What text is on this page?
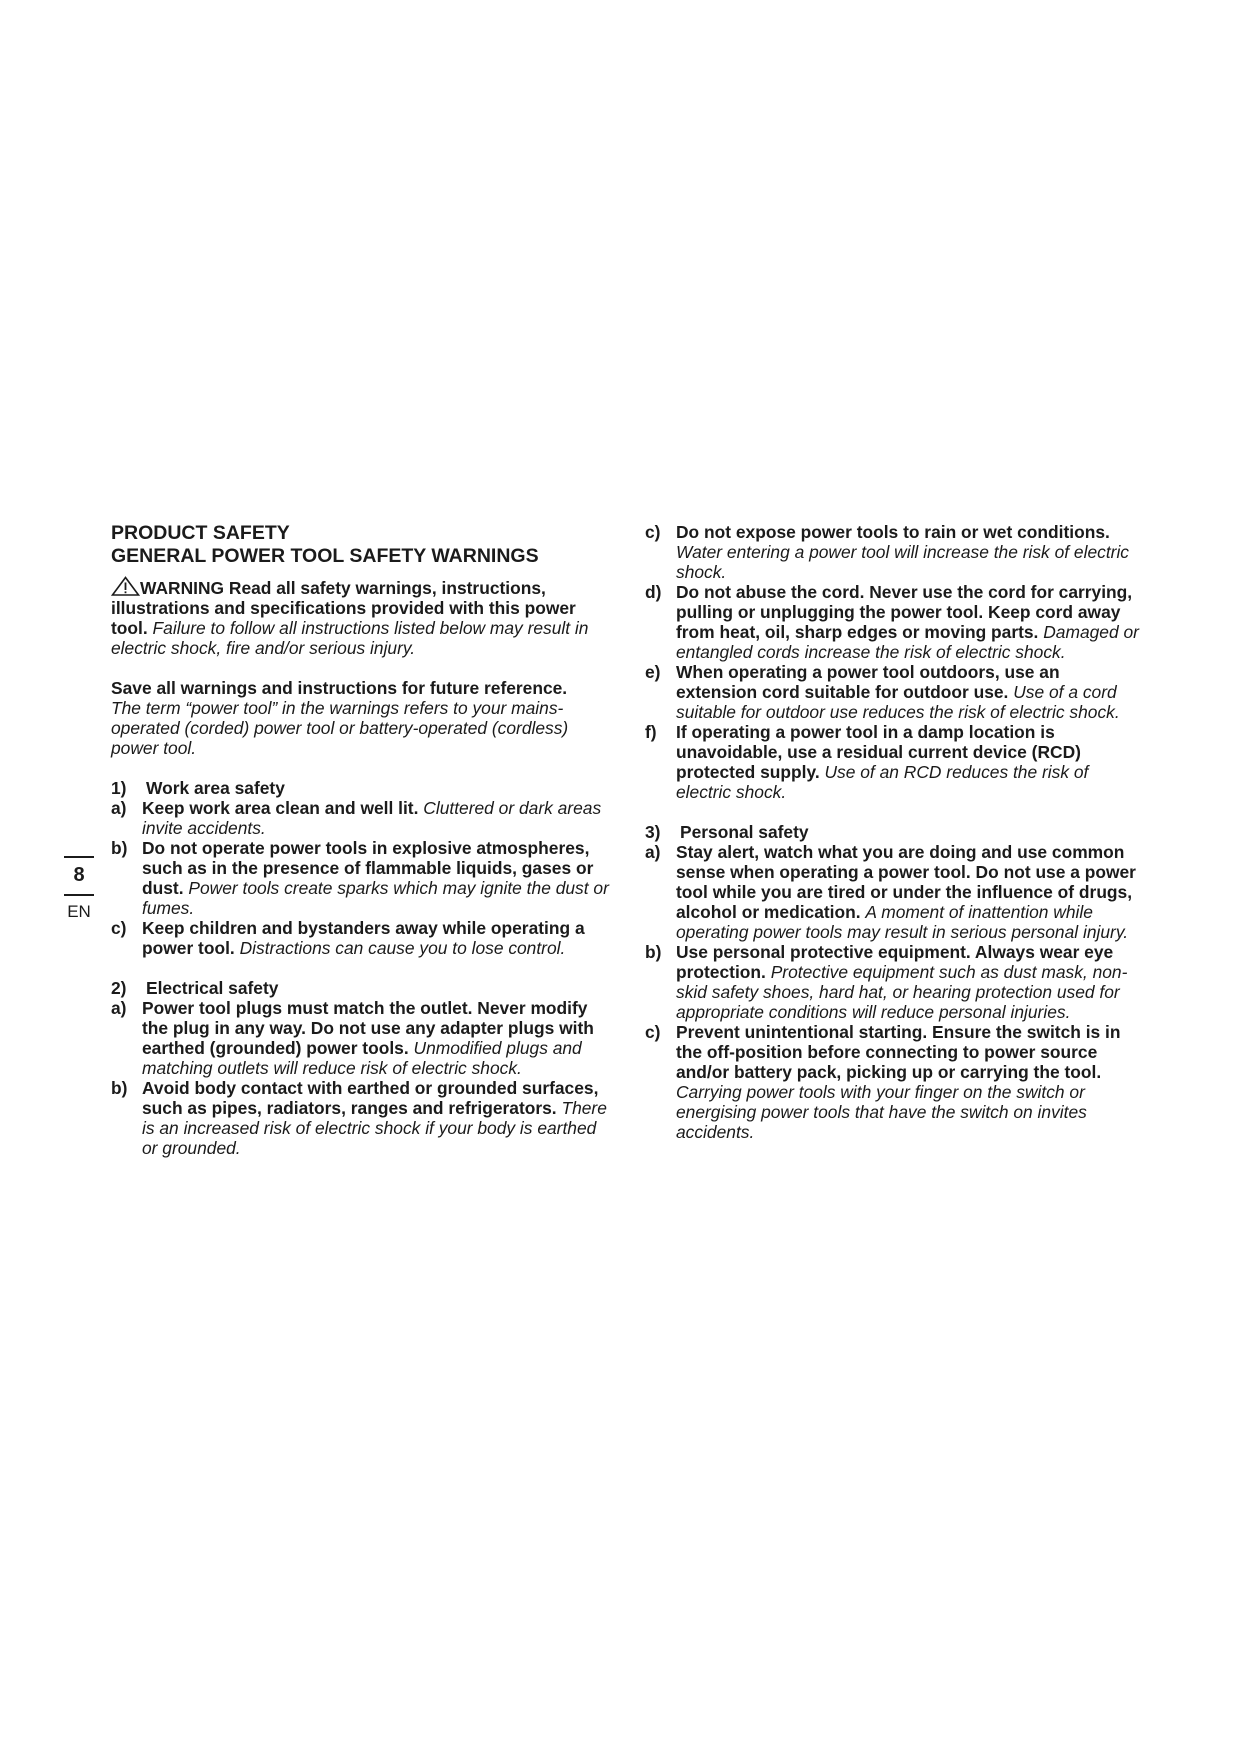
PRODUCT SAFETY

GENERAL POWER TOOL SAFETY WARNINGS

WARNING Read all safety warnings, instructions, illustrations and specifications provided with this power tool. Failure to follow all instructions listed below may result in electric shock, fire and/or serious injury.

Save all warnings and instructions for future reference.
The term “power tool” in the warnings refers to your mains-operated (corded) power tool or battery-operated (cordless) power tool.

1) Work area safety

a) Keep work area clean and well lit. Cluttered or dark areas invite accidents.

b) Do not operate power tools in explosive atmospheres, such as in the presence of flammable liquids, gases or dust. Power tools create sparks which may ignite the dust or fumes.

c) Keep children and bystanders away while operating a power tool. Distractions can cause you to lose control.

2) Electrical safety

a) Power tool plugs must match the outlet. Never modify the plug in any way. Do not use any adapter plugs with earthed (grounded) power tools. Unmodified plugs and matching outlets will reduce risk of electric shock.

b) Avoid body contact with earthed or grounded surfaces, such as pipes, radiators, ranges and refrigerators. There is an increased risk of electric shock if your body is earthed or grounded.

8
EN

c) Do not expose power tools to rain or wet conditions. Water entering a power tool will increase the risk of electric shock.

d) Do not abuse the cord. Never use the cord for carrying, pulling or unplugging the power tool. Keep cord away from heat, oil, sharp edges or moving parts. Damaged or entangled cords increase the risk of electric shock.

e) When operating a power tool outdoors, use an extension cord suitable for outdoor use. Use of a cord suitable for outdoor use reduces the risk of electric shock.

f) If operating a power tool in a damp location is unavoidable, use a residual current device (RCD) protected supply. Use of an RCD reduces the risk of electric shock.

3) Personal safety

a) Stay alert, watch what you are doing and use common sense when operating a power tool. Do not use a power tool while you are tired or under the influence of drugs, alcohol or medication. A moment of inattention while operating power tools may result in serious personal injury.

b) Use personal protective equipment. Always wear eye protection. Protective equipment such as dust mask, non-skid safety shoes, hard hat, or hearing protection used for appropriate conditions will reduce personal injuries.

c) Prevent unintentional starting. Ensure the switch is in the off-position before connecting to power source and/or battery pack, picking up or carrying the tool. Carrying power tools with your finger on the switch or energising power tools that have the switch on invites accidents.
